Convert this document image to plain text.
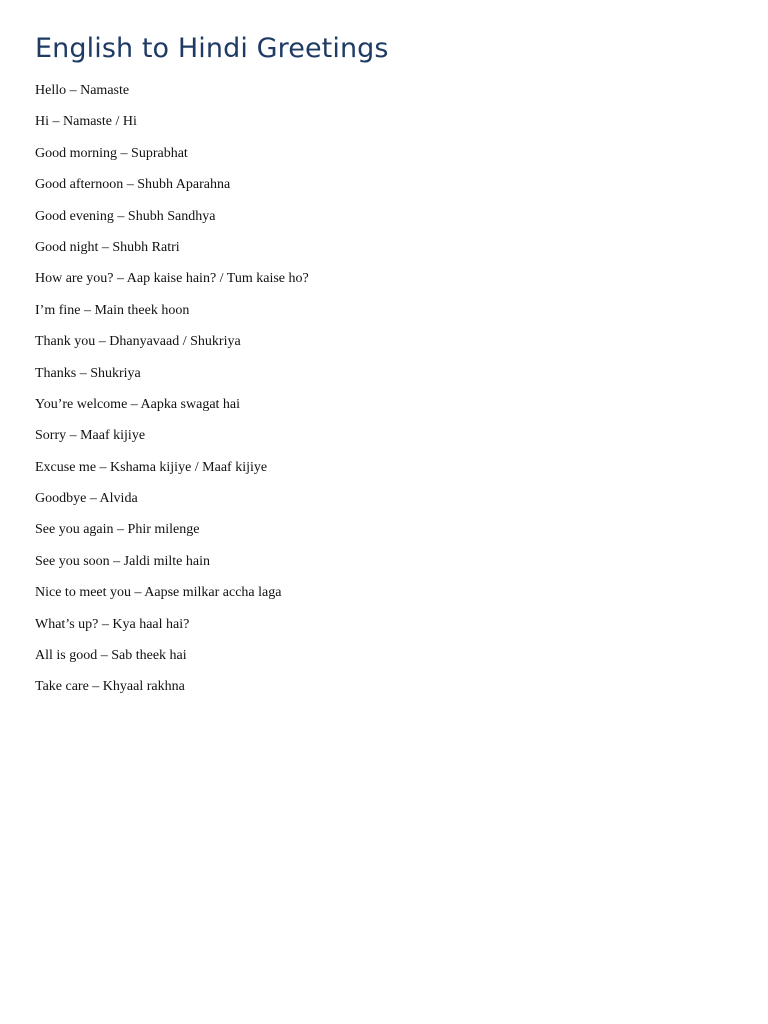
English to Hindi Greetings
Hello – Namaste
Hi – Namaste / Hi
Good morning – Suprabhat
Good afternoon – Shubh Aparahna
Good evening – Shubh Sandhya
Good night – Shubh Ratri
How are you? – Aap kaise hain? / Tum kaise ho?
I’m fine – Main theek hoon
Thank you – Dhanyavaad / Shukriya
Thanks – Shukriya
You’re welcome – Aapka swagat hai
Sorry – Maaf kijiye
Excuse me – Kshama kijiye / Maaf kijiye
Goodbye – Alvida
See you again – Phir milenge
See you soon – Jaldi milte hain
Nice to meet you – Aapse milkar accha laga
What’s up? – Kya haal hai?
All is good – Sab theek hai
Take care – Khyaal rakhna
